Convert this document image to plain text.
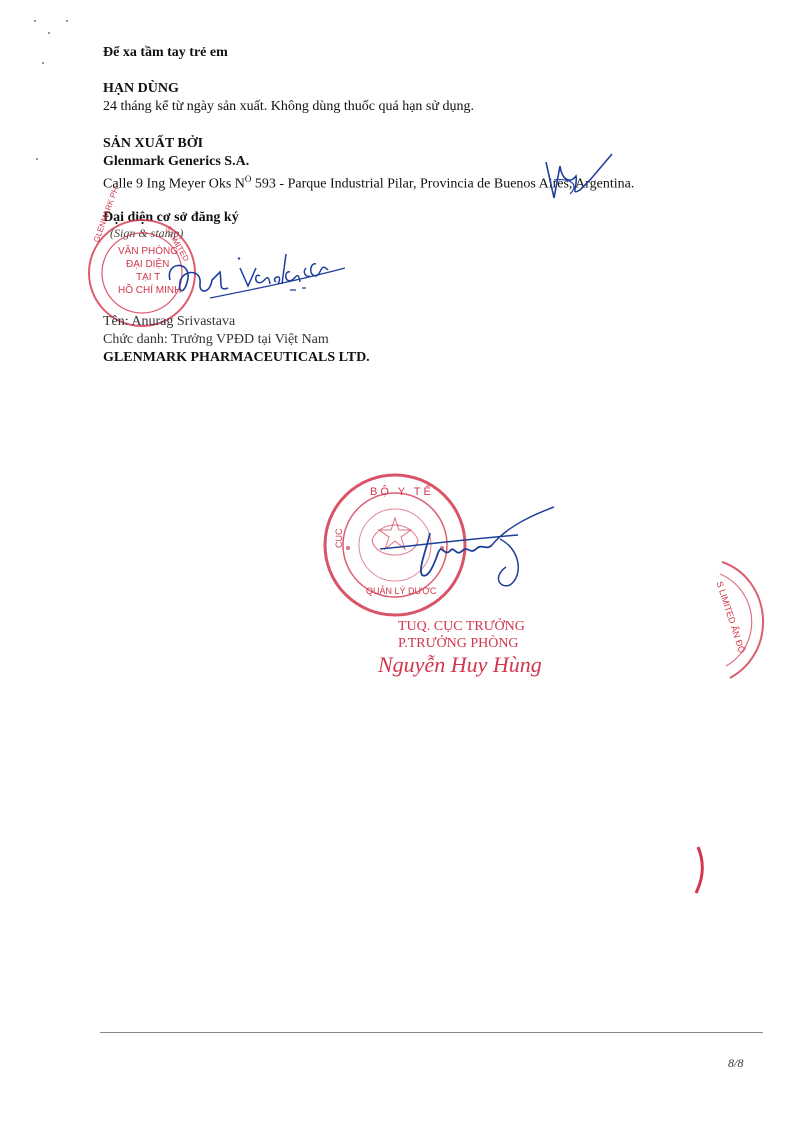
Để xa tầm tay trẻ em
HẠN DÙNG
24 tháng kể từ ngày sản xuất. Không dùng thuốc quá hạn sử dụng.
SẢN XUẤT BỞI
Glenmark Generics S.A.
Calle 9 Ing Meyer Oks $N^O$ 593 - Parque Industrial Pilar, Provincia de Buenos Aires, Argentina.
Đại diện cơ sở đăng ký
(Sign & stamp)
GLENMARK PH
S LIMITED
VĂN PHÒNG
ĐẠI DIỆN
TẠI T
HỒ CHÍ MINH
Tên: Anurag Srivastava
Chức danh: Trưởng VPĐD tại Việt Nam
GLENMARK PHARMACEUTICALS LTD.
BỘ Y TẾ
QUẢN LÝ DƯỢC
CỤC
TUQ. CỤC TRƯỞNG
P.TRƯỞNG PHÒNG
Nguyễn Huy Hùng
S LIMITED ẤN ĐỘ
8/8
